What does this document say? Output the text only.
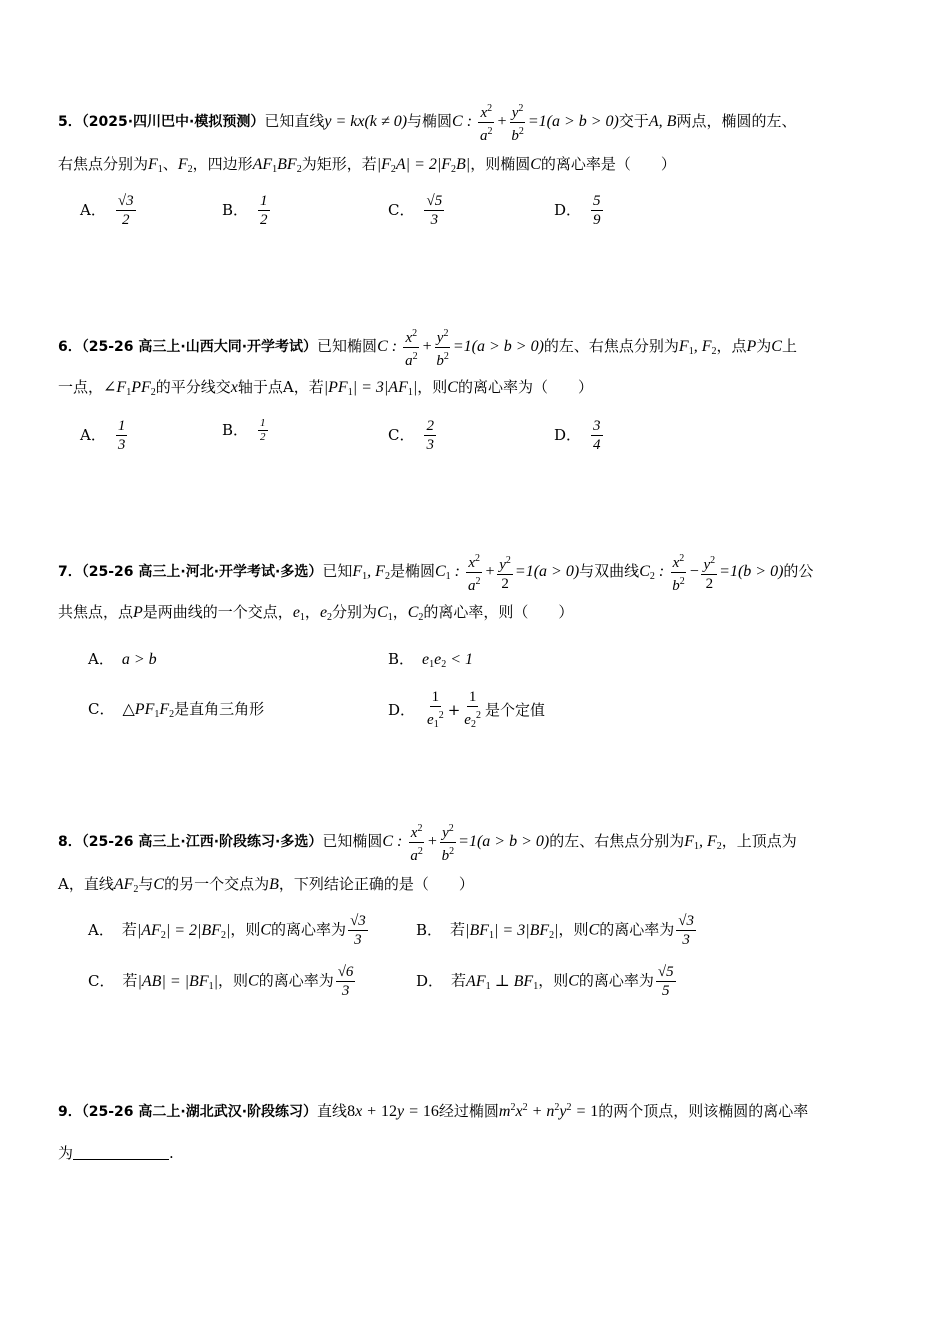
5．（2025·四川巴中·模拟预测）已知直线y = kx(k ≠ 0)与椭圆C : $\frac{x^2}{a^2} + \frac{y^2}{b^2} =1(a > b > 0)$交于A, B两点，椭圆的左、
右焦点分别为$F_1$、$F_2$，四边形$AF_1BF_2$为矩形，若$|F_2A| = 2|F_2B|$，则椭圆C的离心率是（　　）
A． $\frac{√3}{2}$	B． $\frac{1}{2}$	C． $\frac{√5}{3}$	D． $\frac{5}{9}$
6．（25-26 高三上·山西大同·开学考试）已知椭圆C : $\frac{x^2}{a^2} + \frac{y^2}{b^2} =1(a > b > 0)$的左、右焦点分别为$F_1$, $F_2$，点P为C上
一点，$\angle F_1PF_2$的平分线交x轴于点A，若$|PF_1| = 3|AF_1|$，则C的离心率为（　　）
A． $\frac{1}{3}$	B． $\frac{1}{2}$	C． $\frac{2}{3}$	D． $\frac{3}{4}$
7．（25-26 高三上·河北·开学考试·多选）已知$F_1$, $F_2$是椭圆$C_1$ : $\frac{x^2}{a^2} + \frac{y^2}{2} =1(a > 0)$与双曲线$C_2$ : $\frac{x^2}{b^2} - \frac{y^2}{2} =1(b > 0)$的公
共焦点，点P是两曲线的一个交点，$e_1$，$e_2$分别为$C_1$，$C_2$的离心率，则（　　）
A． a > b	B． $e_1e_2 < 1$
C． $\triangle PF_1F_2$是直角三角形	D． $\frac{1}{e_1^2} + \frac{1}{e_2^2}$ 是个定值
8．（25-26 高三上·江西·阶段练习·多选）已知椭圆C : $\frac{x^2}{a^2} + \frac{y^2}{b^2} =1(a > b > 0)$的左、右焦点分别为$F_1$, $F_2$，上顶点为
A，直线$AF_2$与C的另一个交点为B，下列结论正确的是（　　）
A． 若$|AF_2| = 2|BF_2|$，则C的离心率为 $\frac{√3}{3}$	B． 若$|BF_1| = 3|BF_2|$，则C的离心率为 $\frac{√3}{3}$
C． 若$|AB| = |BF_1|$，则C的离心率为 $\frac{√6}{3}$	D． 若$AF_1$ ⊥ $BF_1$，则C的离心率为 $\frac{√5}{5}$
9．（25-26 高二上·湖北武汉·阶段练习）直线8x + 12y = 16经过椭圆$m^2x^2 + n^2y^2 = 1$的两个顶点，则该椭圆的离心率
为	.
